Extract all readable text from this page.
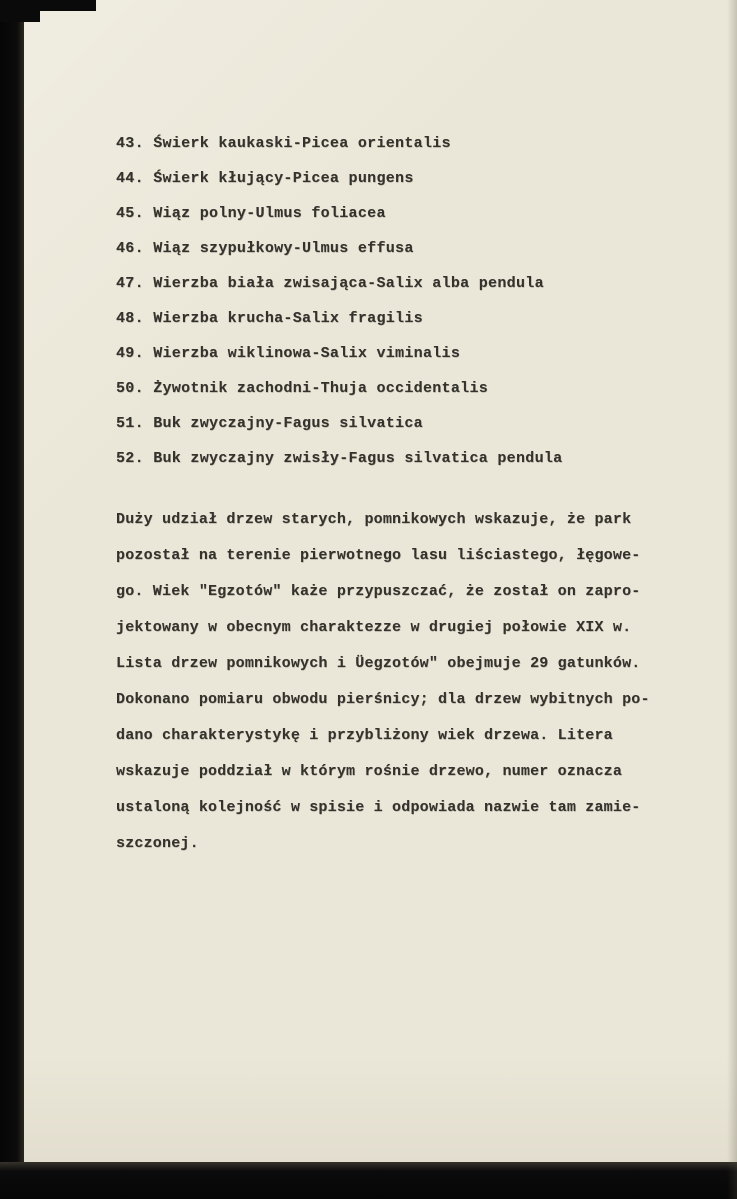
43. Świerk kaukaski-Picea orientalis
44. Świerk kłujący-Picea pungens
45. Wiąz polny-Ulmus foliacea
46. Wiąz szypułkowy-Ulmus effusa
47. Wierzba biała zwisająca-Salix alba pendula
48. Wierzba krucha-Salix fragilis
49. Wierzba wiklinowa-Salix viminalis
50. Żywotnik zachodni-Thuja occidentalis
51. Buk zwyczajny-Fagus silvatica
52. Buk zwyczajny zwisły-Fagus silvatica pendula
Duży udział drzew starych, pomnikowych wskazuje, że park
pozostał na terenie pierwotnego lasu liściastego, łęgowe-
go. Wiek "Egzotów" każe przypuszczać, że został on zapro-
jektowany w obecnym charaktezze w drugiej połowie XIX w.
Lista drzew pomnikowych i Üegzotów" obejmuje 29 gatunków.
Dokonano pomiaru obwodu pierśnicy; dla drzew wybitnych po-
dano charakterystykę i przybliżony wiek drzewa. Litera
wskazuje poddział w którym rośnie drzewo, numer oznacza
ustaloną kolejność w spisie i odpowiada nazwie tam zamie-
szczonej.
